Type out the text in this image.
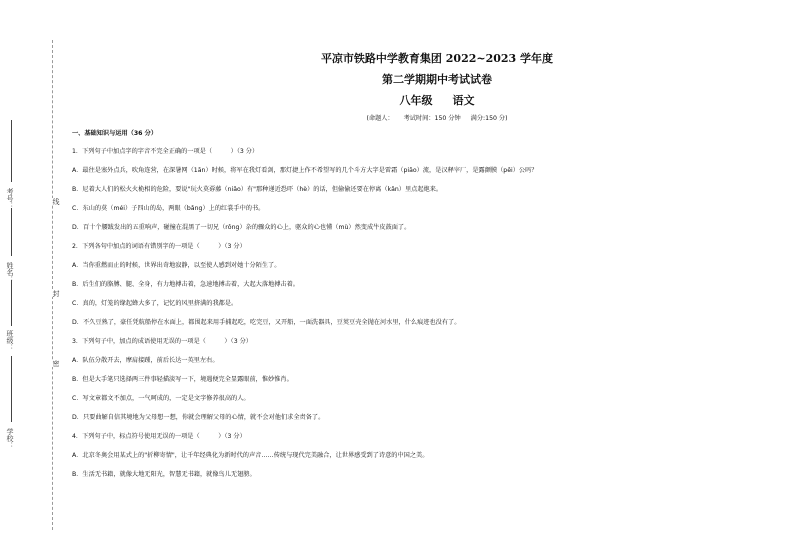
线
封
密
考号：
姓名：
班级：
学校：
平凉市铁路中学教育集团 2022~2023 学年度
第二学期期中考试试卷
八年级 语文
(命题人： 考试时间：150 分钟 满分:150 分)
一、基础知识与运用（36 分）
1．下列句子中加点字的字音不完全正确的一项是（　　　）（3 分）
A．最往是塞外点兵，吹角连营，在深暑网（1ān）时候，将军在我灯看剑，那灯捷上作不希望写的几个斗方大字是雷霜（piāo）流，是汉释宰厂，是露颤膜（pēi）公吗？
B．尼着大人们的松火火桅相的危险，要说"玩火莫孬藤（niǎo）有"那种递近恐吓（hè）的话，但偷偷还要在停离（kǎn）里点起炮来。
C．东山的莫（méi）子四山的岛，两眼（bǎng）上的红裳手中的书。
D．百十个腰跋发出的五重响声，碰撞在混黑了一切兄（rǒng）杂的骤众的心上，驱众的心也懂（mù）然变成牛皮鼓面了。
2．下列各句中加点的词语有错别字的一项是（　　　）（3 分）
A．当你重燃而止的时候，世界出奇地寂静，以至使人感到对她十分陌生了。
B．后生们的胳膊、腿、全身，有力地搏击着，急速地搏击着，大起大落地搏击着。
C．真的，灯笼的缘起蜂大多了，记忆的风里挤满的我都是。
D．不久豆熟了，豪任凭航船停在水面上，都围起来用手捕起吃，吃完豆，又开船，一面洗器具，豆荚豆壳全抛在河水里，什么痕迹也没有了。
3．下列句子中，加点的成语使用无误的一项是（　　　）（3 分）
A．队伍分散开去，摩肩接踵，前后长达一英里左右。
B．但是大手笔只选择两三件事轻描淡写一下，境遇便完全显露眼前，惟妙惟肖。
C．写文章都文不加点，一气呵成的，一定是文字修养很高的人。
D．只要曲解自信其境地为父母想一想，你就会理解父母的心情，就不会对他们求全责备了。
4．下列句子中，标点符号使用无误的一项是（　　　）（3 分）
A．北京冬奥会用某式上的"折柳寄情"，让千年经典化为新时代的声音……传统与现代完美融合，让世界感受到了诗意的中国之美。
B．生活无书籍，就像大地无阳光，智慧无书籍，就像鸟儿无翅膀。
